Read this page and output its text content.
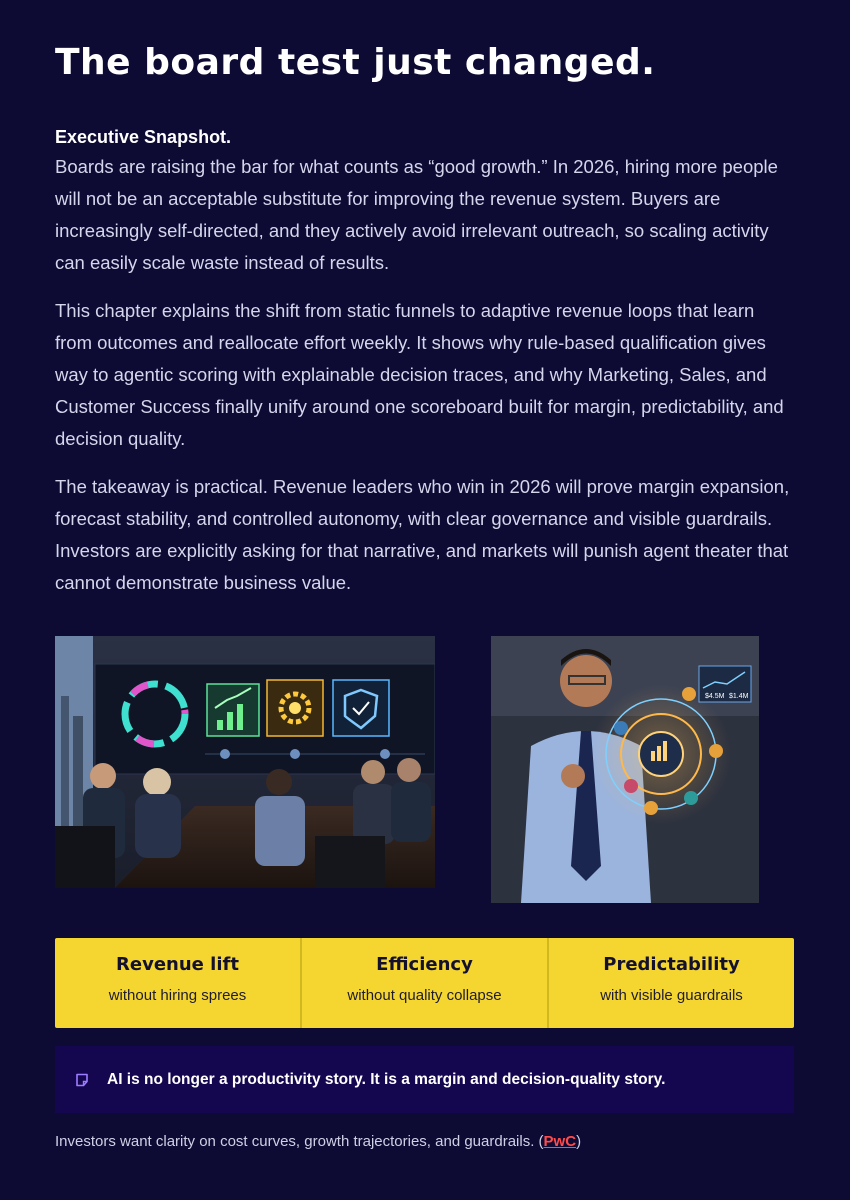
The board test just changed.

Executive Snapshot.
Boards are raising the bar for what counts as “good growth.” In 2026, hiring more people will not be an acceptable substitute for improving the revenue system. Buyers are increasingly self-directed, and they actively avoid irrelevant outreach, so scaling activity can easily scale waste instead of results.

This chapter explains the shift from static funnels to adaptive revenue loops that learn from outcomes and reallocate effort weekly. It shows why rule-based qualification gives way to agentic scoring with explainable decision traces, and why Marketing, Sales, and Customer Success finally unify around one scoreboard built for margin, predictability, and decision quality.

The takeaway is practical. Revenue leaders who win in 2026 will prove margin expansion, forecast stability, and controlled autonomy, with clear governance and visible guardrails. Investors are explicitly asking for that narrative, and markets will punish agent theater that cannot demonstrate business value.

$4.5M $1.4M
Revenue lift
without hiring sprees
Efficiency
without quality collapse
Predictability
with visible guardrails
AI is no longer a productivity story. It is a margin and decision-quality story.
Investors want clarity on cost curves, growth trajectories, and guardrails. (PwC)
